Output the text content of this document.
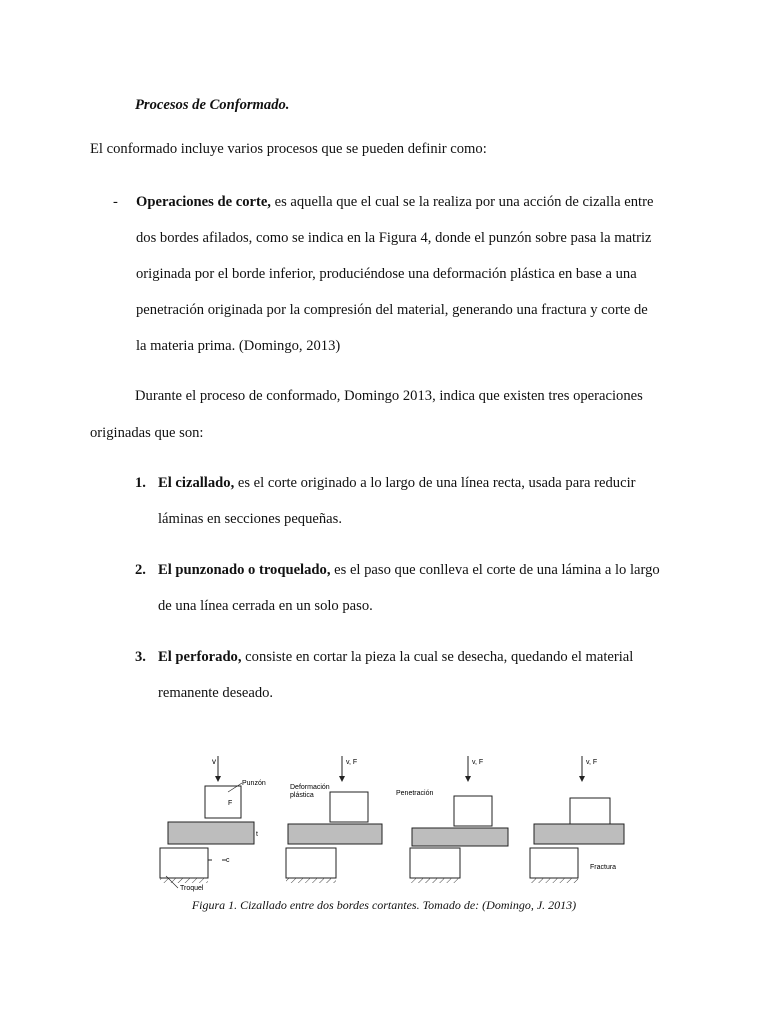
Procesos de Conformado.
El conformado incluye varios procesos que se pueden definir como:
- Operaciones de corte, es aquella que el cual se la realiza por una acción de cizalla entre
dos bordes afilados, como se indica en la Figura 4, donde el punzón sobre pasa la matriz
originada por el borde inferior, produciéndose una deformación plástica en base a una
penetración originada por la compresión del material, generando una fractura y corte de
la materia prima. (Domingo, 2013)
Durante el proceso de conformado, Domingo 2013, indica que existen tres operaciones
originadas que son:
1. El cizallado, es el corte originado a lo largo de una línea recta, usada para reducir
láminas en secciones pequeñas.
2. El punzonado o troquelado, es el paso que conlleva el corte de una lámina a lo largo
de una línea cerrada en un solo paso.
3. El perforado, consiste en cortar la pieza la cual se desecha, quedando el material
remanente deseado.
v
Punzón
F
t
c
Troquel
v, F
Deformación
plástica
v, F
Penetración
v, F
Fractura
Figura 1. Cizallado entre dos bordes cortantes. Tomado de: (Domingo, J. 2013)
